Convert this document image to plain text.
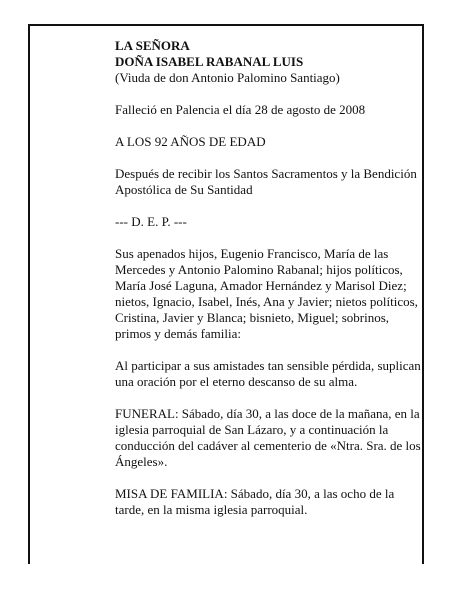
LA SEÑORA
DOÑA ISABEL RABANAL LUIS
(Viuda de don Antonio Palomino Santiago)
Falleció en Palencia el día 28 de agosto de 2008
A LOS 92 AÑOS DE EDAD
Después de recibir los Santos Sacramentos y la Bendición Apostólica de Su Santidad
--- D. E. P. ---
Sus apenados hijos, Eugenio Francisco, María de las Mercedes y Antonio Palomino Rabanal; hijos políticos, María José Laguna, Amador Hernández y Marisol Diez; nietos, Ignacio, Isabel, Inés, Ana y Javier; nietos políticos, Cristina, Javier y Blanca; bisnieto, Miguel; sobrinos, primos y demás familia:
Al participar a sus amistades tan sensible pérdida, suplican una oración por el eterno descanso de su alma.
FUNERAL: Sábado, día 30, a las doce de la mañana, en la iglesia parroquial de San Lázaro, y a continuación la conducción del cadáver al cementerio de «Ntra. Sra. de los Ángeles».
MISA DE FAMILIA: Sábado, día 30, a las ocho de la tarde, en la misma iglesia parroquial.
